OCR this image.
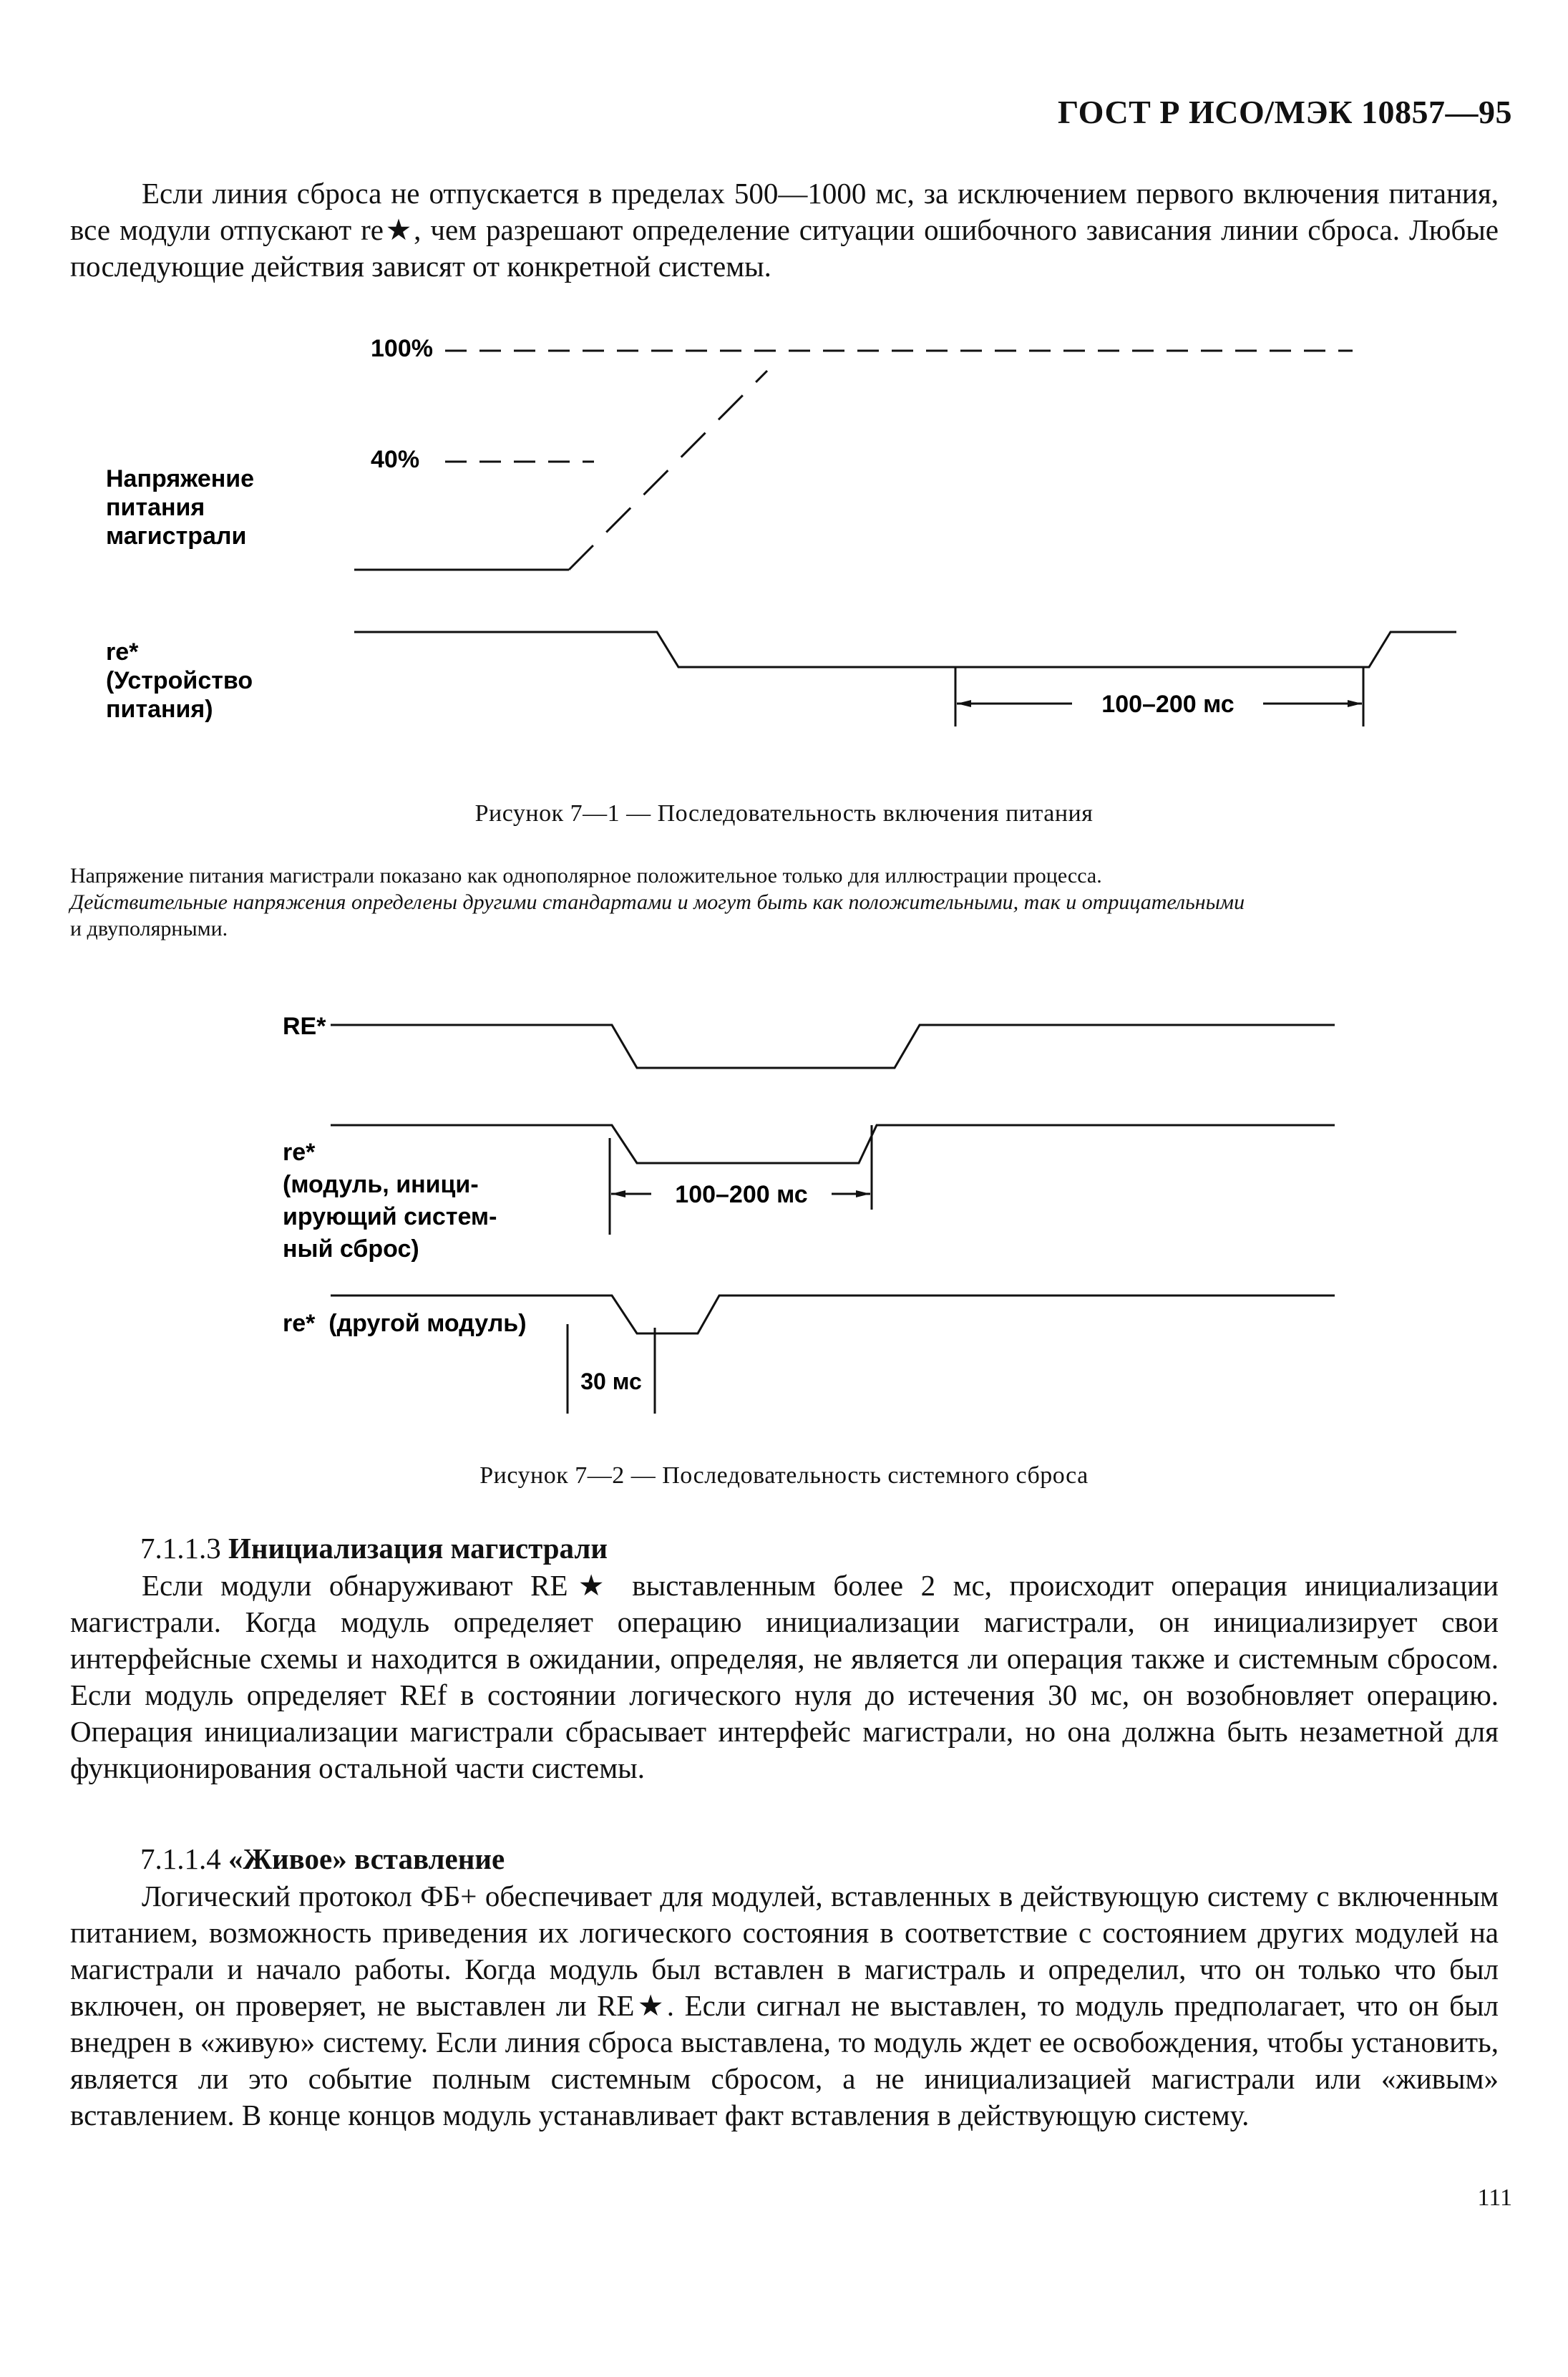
ГОСТ Р ИСО/МЭК 10857—95
Если линия сброса не отпускается в пределах 500—1000 мс, за исключением первого включения питания, все модули отпускают re★, чем разрешают определение ситуации ошибочного зависания линии сброса. Любые последующие действия зависят от конкретной системы.
100%
40%
Напряжение
питания
магистрали
re*
(Устройство
питания)	100–200 мс
Рисунок 7—1 — Последовательность включения питания
Напряжение питания магистрали показано как однополярное положительное только для иллюстрации процесса.
Действительные напряжения определены другими стандартами и могут быть как положительными, так и отрицательными
и двуполярными.
RE*
re*
(модуль, иници-
ирующий систем-
ный сброс)
100–200 мс
re*  (другой модуль)
30 мс
Рисунок 7—2 — Последовательность системного сброса
7.1.1.3 Инициализация магистрали
Если модули обнаруживают RE★ выставленным более 2 мс, происходит операция инициализации магистрали. Когда модуль определяет операцию инициализации магистрали, он инициализирует свои интерфейсные схемы и находится в ожидании, определяя, не является ли операция также и системным сбросом. Если модуль определяет REf в состоянии логического нуля до истечения 30 мс, он возобновляет операцию. Операция инициализации магистрали сбрасывает интерфейс магистрали, но она должна быть незаметной для функционирования остальной части системы.
7.1.1.4 «Живое» вставление
Логический протокол ФБ+ обеспечивает для модулей, вставленных в действующую систему с включенным питанием, возможность приведения их логического состояния в соответствие с состоянием других модулей на магистрали и начало работы. Когда модуль был вставлен в магистраль и определил, что он только что был включен, он проверяет, не выставлен ли RE★. Если сигнал не выставлен, то модуль предполагает, что он был внедрен в «живую» систему. Если линия сброса выставлена, то модуль ждет ее освобождения, чтобы установить, является ли это событие полным системным сбросом, а не инициализацией магистрали или «живым» вставлением. В конце концов модуль устанавливает факт вставления в действующую систему.
111
